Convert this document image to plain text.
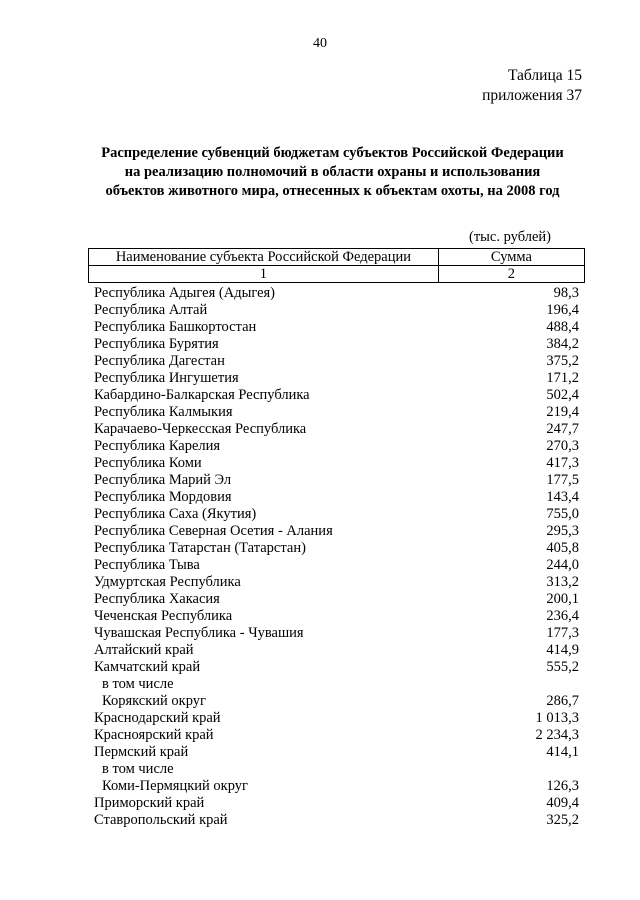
40
Таблица 15
приложения 37
Распределение субвенций бюджетам субъектов Российской Федерации
на реализацию полномочий в области охраны и использования
объектов животного мира, отнесенных к объектам охоты, на 2008 год
(тыс. рублей)
Наименование субъекта Российской Федерации	Сумма
1	2
Республика Адыгея (Адыгея)	98,3
Республика Алтай	196,4
Республика Башкортостан	488,4
Республика Бурятия	384,2
Республика Дагестан	375,2
Республика Ингушетия	171,2
Кабардино-Балкарская Республика	502,4
Республика Калмыкия	219,4
Карачаево-Черкесская Республика	247,7
Республика Карелия	270,3
Республика Коми	417,3
Республика Марий Эл	177,5
Республика Мордовия	143,4
Республика Саха (Якутия)	755,0
Республика Северная Осетия - Алания	295,3
Республика Татарстан (Татарстан)	405,8
Республика Тыва	244,0
Удмуртская Республика	313,2
Республика Хакасия	200,1
Чеченская Республика	236,4
Чувашская Республика - Чувашия	177,3
Алтайский край	414,9
Камчатский край	555,2
в том числе
Корякский округ	286,7
Краснодарский край	1 013,3
Красноярский край	2 234,3
Пермский край	414,1
в том числе
Коми-Пермяцкий округ	126,3
Приморский край	409,4
Ставропольский край	325,2
